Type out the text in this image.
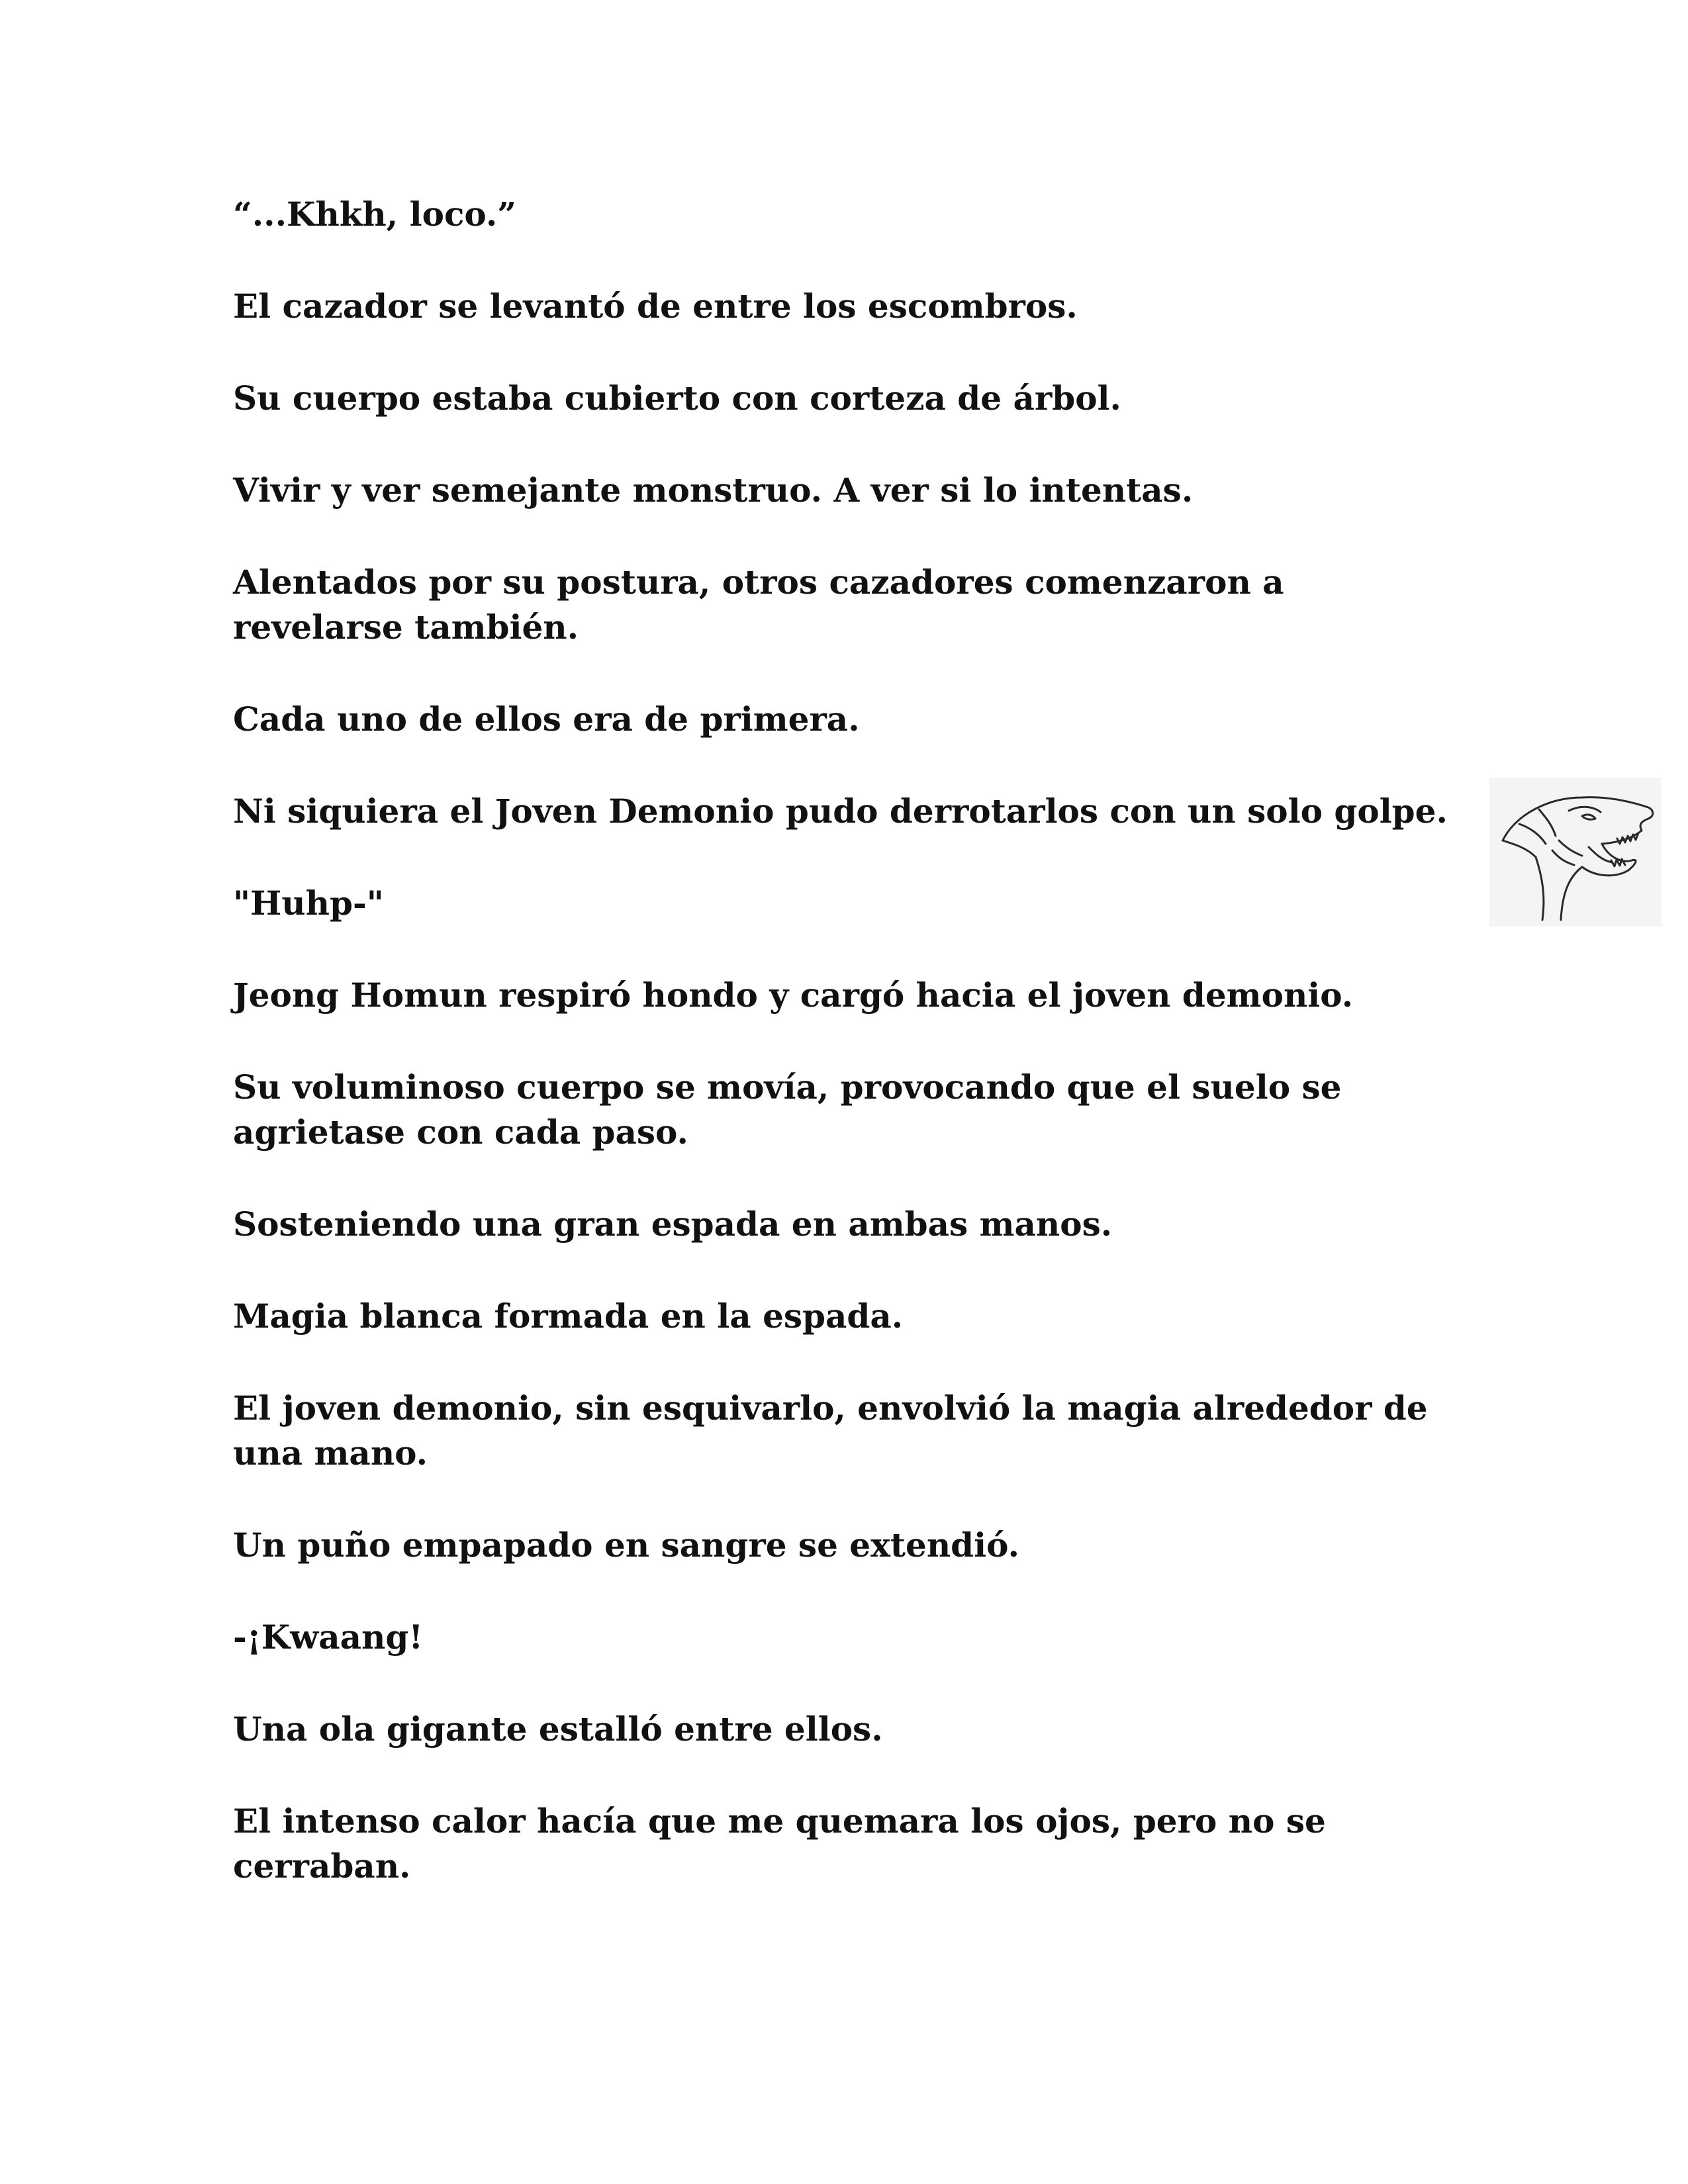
“...Khkh, loco.”

El cazador se levantó de entre los escombros.

Su cuerpo estaba cubierto con corteza de árbol.

Vivir y ver semejante monstruo. A ver si lo intentas.

Alentados por su postura, otros cazadores comenzaron a revelarse también.

Cada uno de ellos era de primera.

Ni siquiera el Joven Demonio pudo derrotarlos con un solo golpe.

"Huhp-"

Jeong Homun respiró hondo y cargó hacia el joven demonio.

Su voluminoso cuerpo se movía, provocando que el suelo se agrietase con cada paso.

Sosteniendo una gran espada en ambas manos.

Magia blanca formada en la espada.

El joven demonio, sin esquivarlo, envolvió la magia alrededor de una mano.

Un puño empapado en sangre se extendió.

-¡Kwaang!

Una ola gigante estalló entre ellos.

El intenso calor hacía que me quemara los ojos, pero no se cerraban.
